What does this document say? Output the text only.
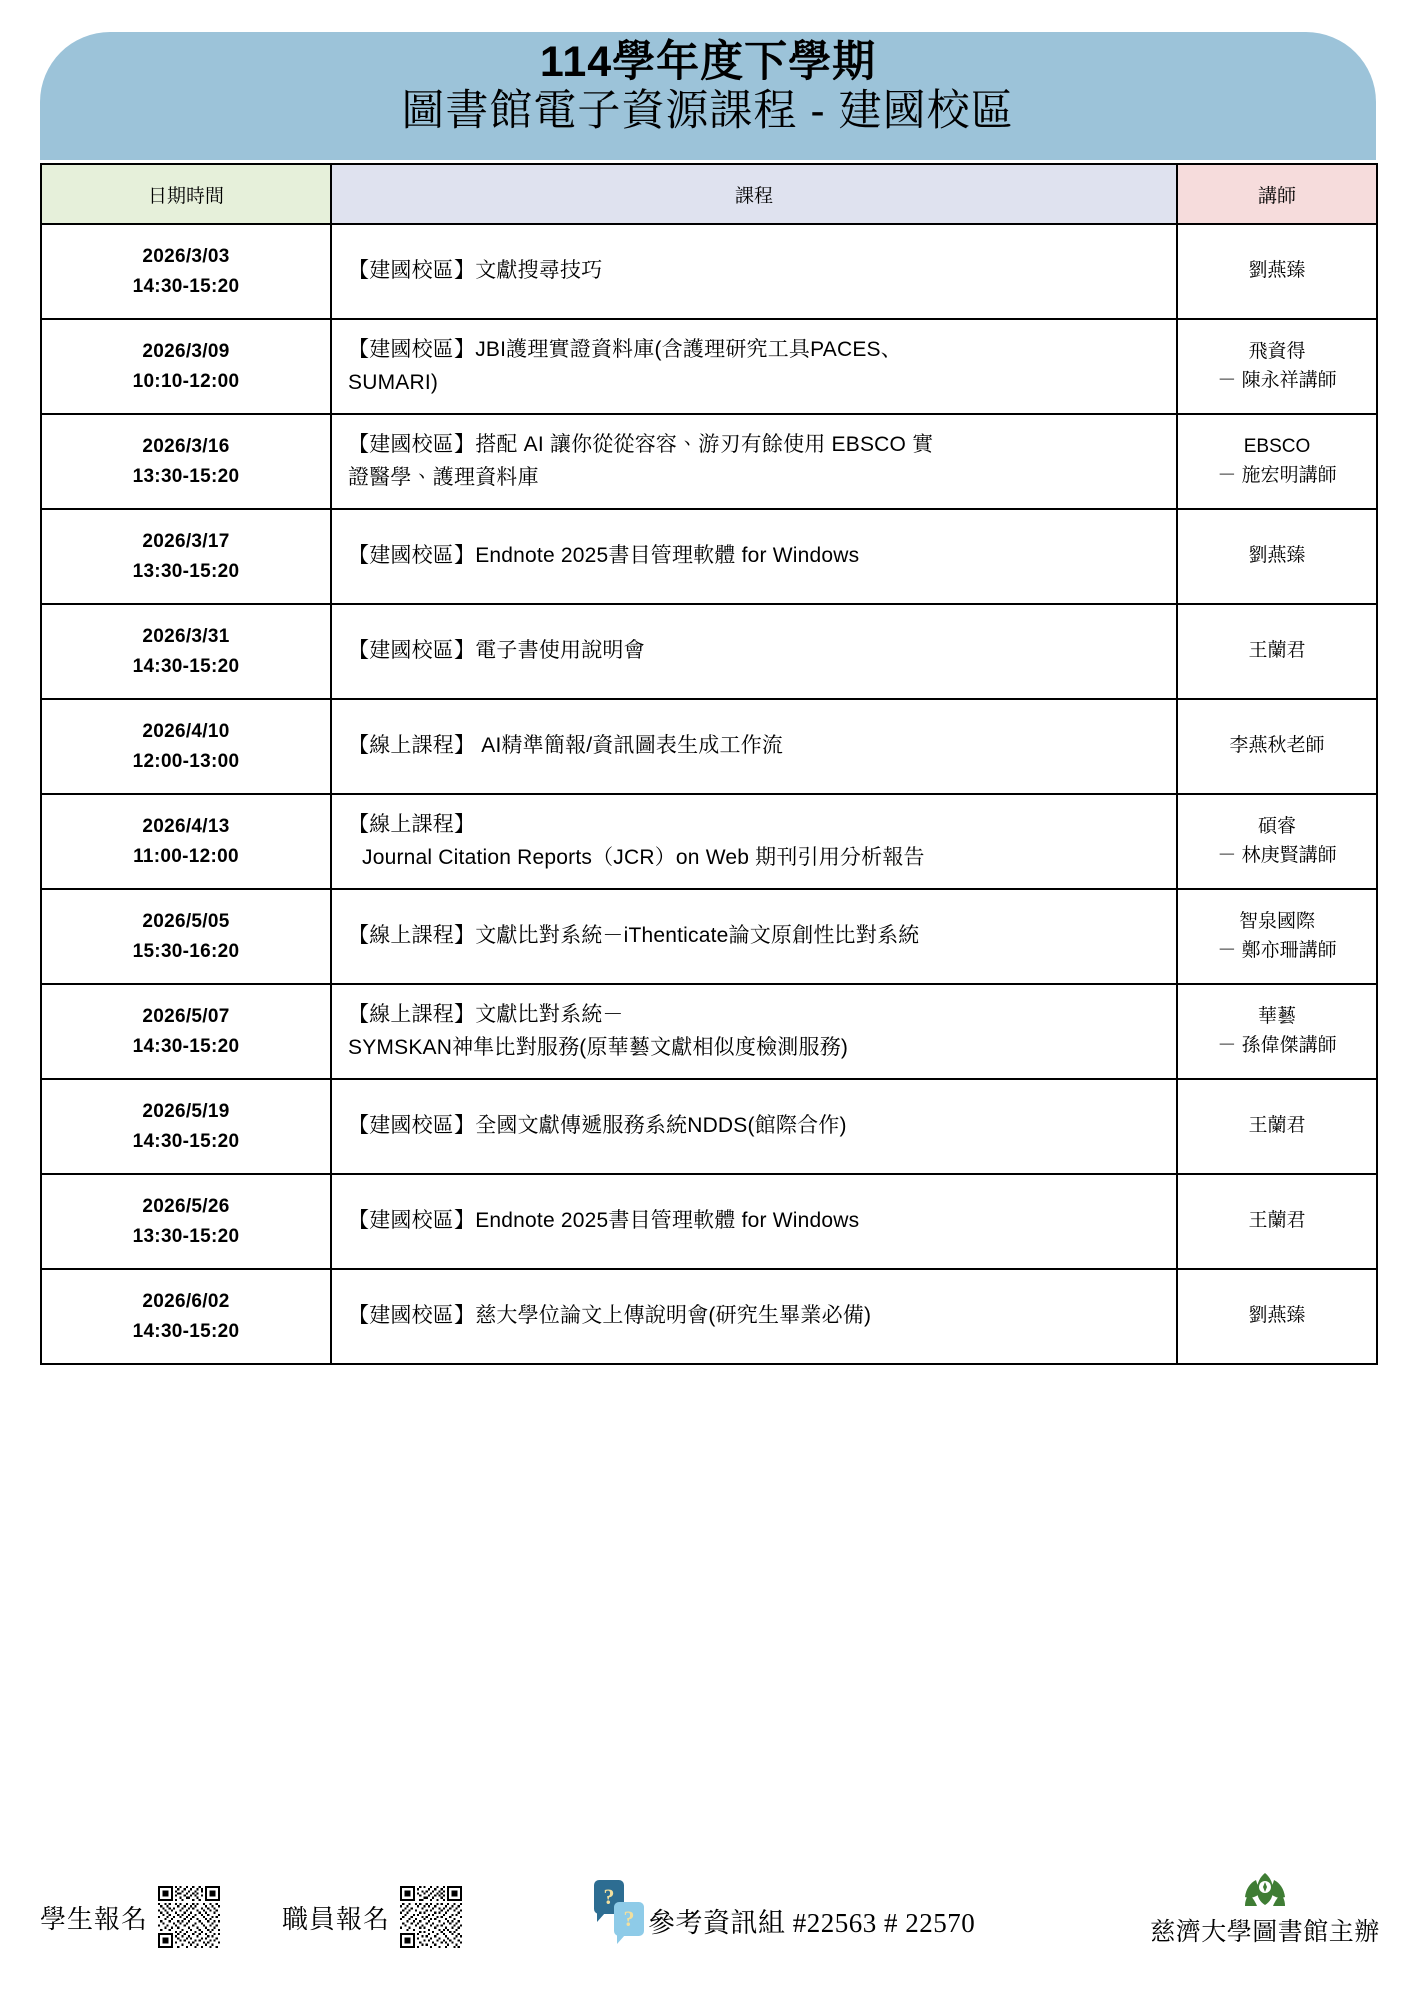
114學年度下學期
圖書館電子資源課程 - 建國校區
日期時間	課程	講師

2026/3/03
14:30-15:20	【建國校區】文獻搜尋技巧	劉燕臻

2026/3/09
10:10-12:00	【建國校區】JBI護理實證資料庫(含護理研究工具PACES、
SUMARI)	飛資得
－ 陳永祥講師

2026/3/16
13:30-15:20	【建國校區】搭配 AI 讓你從從容容、游刃有餘使用 EBSCO 實
證醫學、護理資料庫	EBSCO
－ 施宏明講師

2026/3/17
13:30-15:20	【建國校區】Endnote 2025書目管理軟體 for Windows	劉燕臻

2026/3/31
14:30-15:20	【建國校區】電子書使用說明會	王蘭君

2026/4/10
12:00-13:00	【線上課程】 AI精準簡報/資訊圖表生成工作流	李燕秋老師

2026/4/13
11:00-12:00	【線上課程】
Journal Citation Reports（JCR）on Web 期刊引用分析報告	碩睿
－ 林庚賢講師

2026/5/05
15:30-16:20	【線上課程】文獻比對系統－iThenticate論文原創性比對系統	智泉國際
－ 鄭亦珊講師

2026/5/07
14:30-15:20	【線上課程】文獻比對系統－
SYMSKAN神隼比對服務(原華藝文獻相似度檢測服務)	華藝
－ 孫偉傑講師

2026/5/19
14:30-15:20	【建國校區】全國文獻傳遞服務系統NDDS(館際合作)	王蘭君

2026/5/26
13:30-15:20	【建國校區】Endnote 2025書目管理軟體 for Windows	王蘭君

2026/6/02
14:30-15:20	【建國校區】慈大學位論文上傳說明會(研究生畢業必備)	劉燕臻
學生報名	職員報名
?
? 參考資訊組 #22563 # 22570	慈濟大學圖書館主辦
